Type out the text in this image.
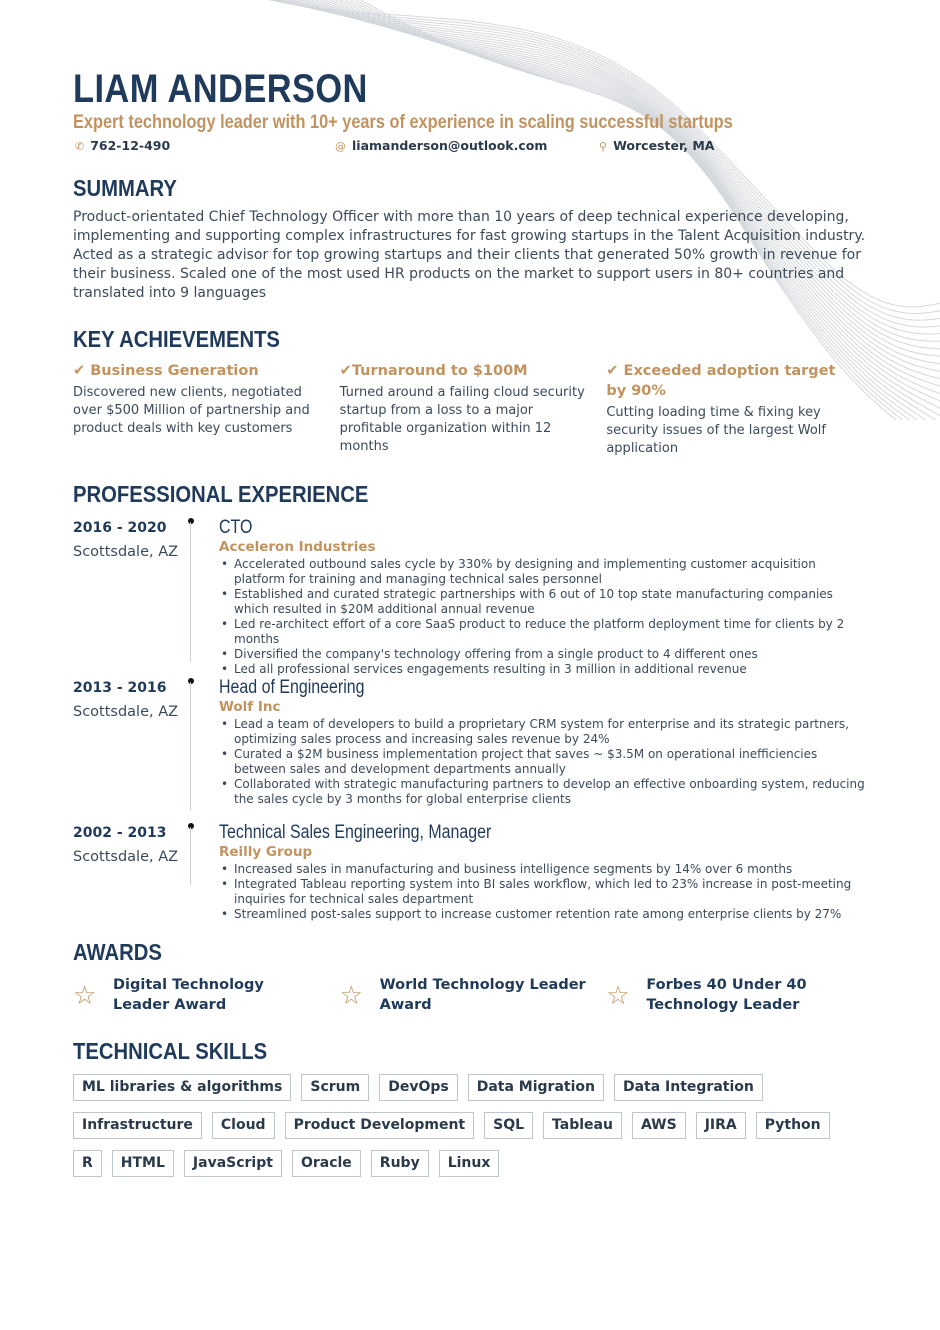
LIAM ANDERSON
Expert technology leader with 10+ years of experience in scaling successful startups
✆ 762-12-490	@ liamanderson@outlook.com	⚲ Worcester, MA
SUMMARY
Product-orientated Chief Technology Officer with more than 10 years of deep technical experience developing, implementing and supporting complex infrastructures for fast growing startups in the Talent Acquisition industry. Acted as a strategic advisor for top growing startups and their clients that generated 50% growth in revenue for their business. Scaled one of the most used HR products on the market to support users in 80+ countries and translated into 9 languages
KEY ACHIEVEMENTS
✔ Business Generation
Discovered new clients, negotiated over $500 Million of partnership and product deals with key customers
✔Turnaround to $100M
Turned around a failing cloud security startup from a loss to a major profitable organization within 12 months
✔ Exceeded adoption target by 90%
Cutting loading time & fixing key security issues of the largest Wolf application
PROFESSIONAL EXPERIENCE
2016 - 2020
Scottsdale, AZ
CTO
Acceleron Industries
• Accelerated outbound sales cycle by 330% by designing and implementing customer acquisition platform for training and managing technical sales personnel
• Established and curated strategic partnerships with 6 out of 10 top state manufacturing companies which resulted in $20M additional annual revenue
• Led re-architect effort of a core SaaS product to reduce the platform deployment time for clients by 2 months
• Diversified the company's technology offering from a single product to 4 different ones
• Led all professional services engagements resulting in 3 million in additional revenue
2013 - 2016
Scottsdale, AZ
Head of Engineering
Wolf Inc
• Lead a team of developers to build a proprietary CRM system for enterprise and its strategic partners, optimizing sales process and increasing sales revenue by 24%
• Curated a $2M business implementation project that saves ~ $3.5M on operational inefficiencies between sales and development departments annually
• Collaborated with strategic manufacturing partners to develop an effective onboarding system, reducing the sales cycle by 3 months for global enterprise clients
2002 - 2013
Scottsdale, AZ
Technical Sales Engineering, Manager
Reilly Group
• Increased sales in manufacturing and business intelligence segments by 14% over 6 months
• Integrated Tableau reporting system into BI sales workflow, which led to 23% increase in post-meeting inquiries for technical sales department
• Streamlined post-sales support to increase customer retention rate among enterprise clients by 27%
AWARDS
☆	Digital Technology Leader Award	☆	World Technology Leader Award	☆	Forbes 40 Under 40 Technology Leader
TECHNICAL SKILLS
ML libraries & algorithms	Scrum	DevOps	Data Migration	Data Integration
Infrastructure	Cloud	Product Development	SQL	Tableau	AWS	JIRA	Python
R	HTML	JavaScript	Oracle	Ruby	Linux
